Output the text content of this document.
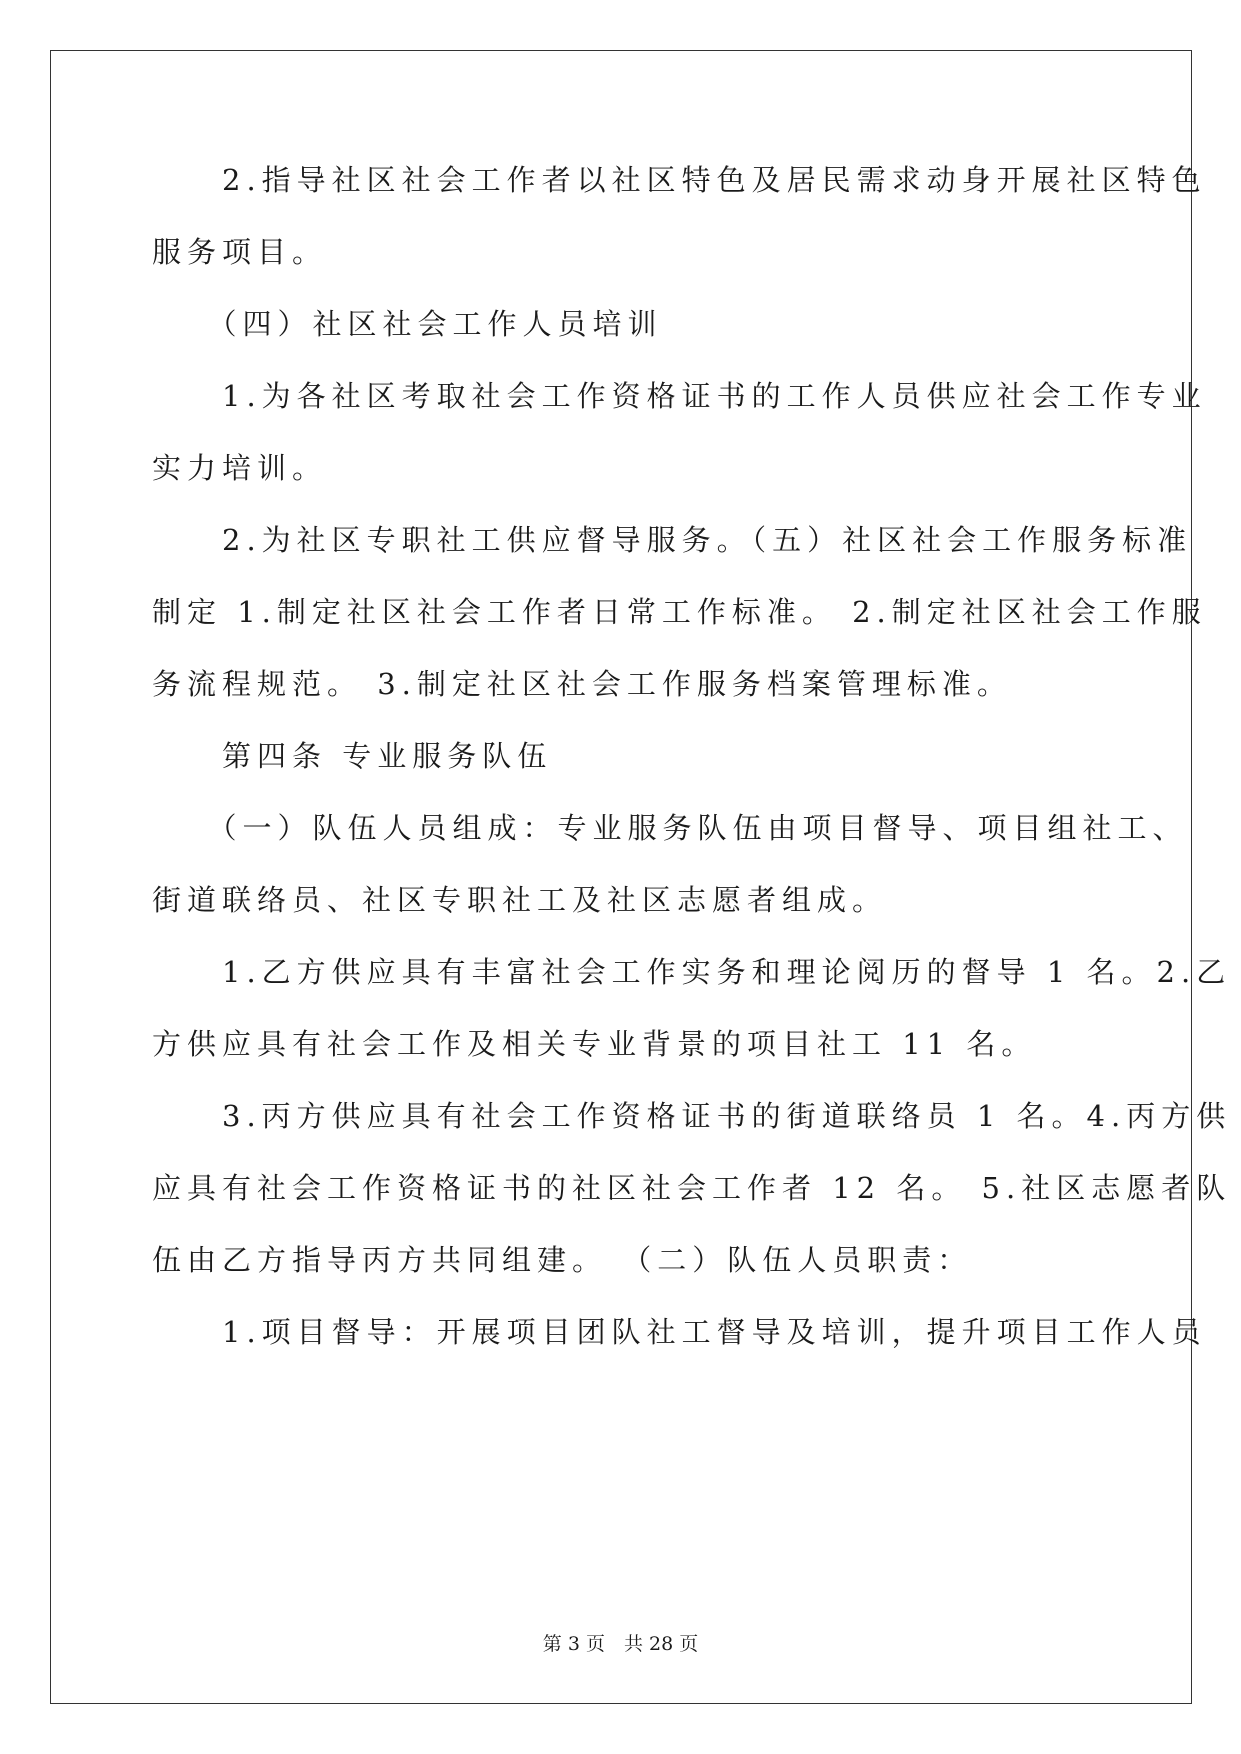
　　2.指导社区社会工作者以社区特色及居民需求动身开展社区特色
服务项目。
　　（四）社区社会工作人员培训
　　1.为各社区考取社会工作资格证书的工作人员供应社会工作专业
实力培训。
　　2.为社区专职社工供应督导服务。（五）社区社会工作服务标准
制定 1.制定社区社会工作者日常工作标准。 2.制定社区社会工作服
务流程规范。 3.制定社区社会工作服务档案管理标准。
　　第四条 专业服务队伍
　　（一）队伍人员组成：专业服务队伍由项目督导、项目组社工、
街道联络员、社区专职社工及社区志愿者组成。
　　1.乙方供应具有丰富社会工作实务和理论阅历的督导 1 名。2.乙
方供应具有社会工作及相关专业背景的项目社工 11 名。
　　3.丙方供应具有社会工作资格证书的街道联络员 1 名。4.丙方供
应具有社会工作资格证书的社区社会工作者 12 名。 5.社区志愿者队
伍由乙方指导丙方共同组建。 （二）队伍人员职责：
　　1.项目督导：开展项目团队社工督导及培训，提升项目工作人员
第 3 页　共 28 页
